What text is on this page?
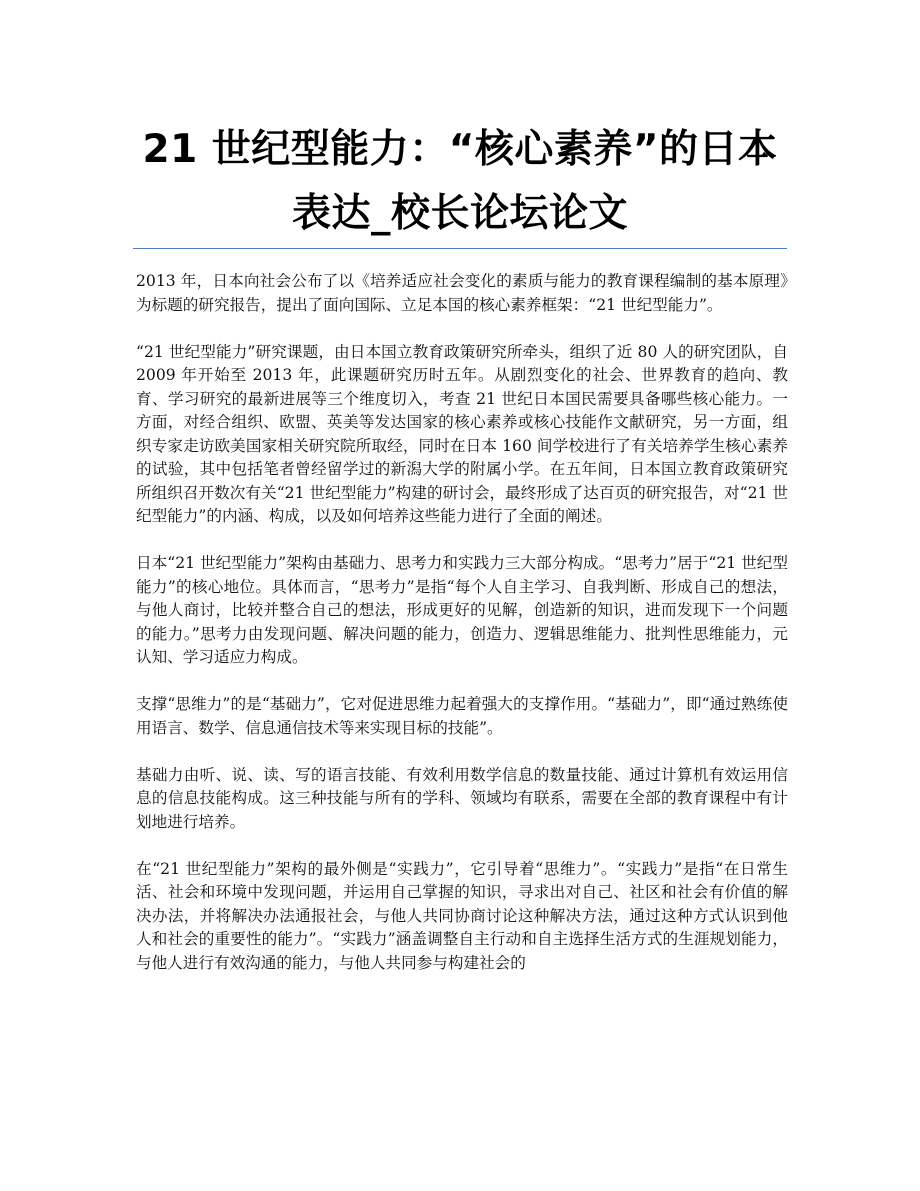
21 世纪型能力：“核心素养”的日本表达_校长论坛论文

2013 年，日本向社会公布了以《培养适应社会变化的素质与能力的教育课程编制的基本原理》为标题的研究报告，提出了面向国际、立足本国的核心素养框架：“21 世纪型能力”。

“21 世纪型能力”研究课题，由日本国立教育政策研究所牵头，组织了近 80 人的研究团队，自 2009 年开始至 2013 年，此课题研究历时五年。从剧烈变化的社会、世界教育的趋向、教育、学习研究的最新进展等三个维度切入，考查 21 世纪日本国民需要具备哪些核心能力。一方面，对经合组织、欧盟、英美等发达国家的核心素养或核心技能作文献研究，另一方面，组织专家走访欧美国家相关研究院所取经，同时在日本 160 间学校进行了有关培养学生核心素养的试验，其中包括笔者曾经留学过的新潟大学的附属小学。在五年间，日本国立教育政策研究所组织召开数次有关“21 世纪型能力”构建的研讨会，最终形成了达百页的研究报告，对“21 世纪型能力”的内涵、构成，以及如何培养这些能力进行了全面的阐述。

日本“21 世纪型能力”架构由基础力、思考力和实践力三大部分构成。“思考力”居于“21 世纪型能力”的核心地位。具体而言，“思考力”是指“每个人自主学习、自我判断、形成自己的想法，与他人商讨，比较并整合自己的想法，形成更好的见解，创造新的知识，进而发现下一个问题的能力。”思考力由发现问题、解决问题的能力，创造力、逻辑思维能力、批判性思维能力，元认知、学习适应力构成。

支撑“思维力”的是“基础力”，它对促进思维力起着强大的支撑作用。“基础力”，即“通过熟练使用语言、数学、信息通信技术等来实现目标的技能”。

基础力由听、说、读、写的语言技能、有效利用数学信息的数量技能、通过计算机有效运用信息的信息技能构成。这三种技能与所有的学科、领域均有联系，需要在全部的教育课程中有计划地进行培养。

在“21 世纪型能力”架构的最外侧是“实践力”，它引导着“思维力”。“实践力”是指“在日常生活、社会和环境中发现问题，并运用自己掌握的知识，寻求出对自己、社区和社会有价值的解决办法，并将解决办法通报社会，与他人共同协商讨论这种解决方法，通过这种方式认识到他人和社会的重要性的能力”。“实践力”涵盖调整自主行动和自主选择生活方式的生涯规划能力，与他人进行有效沟通的能力，与他人共同参与构建社会的
